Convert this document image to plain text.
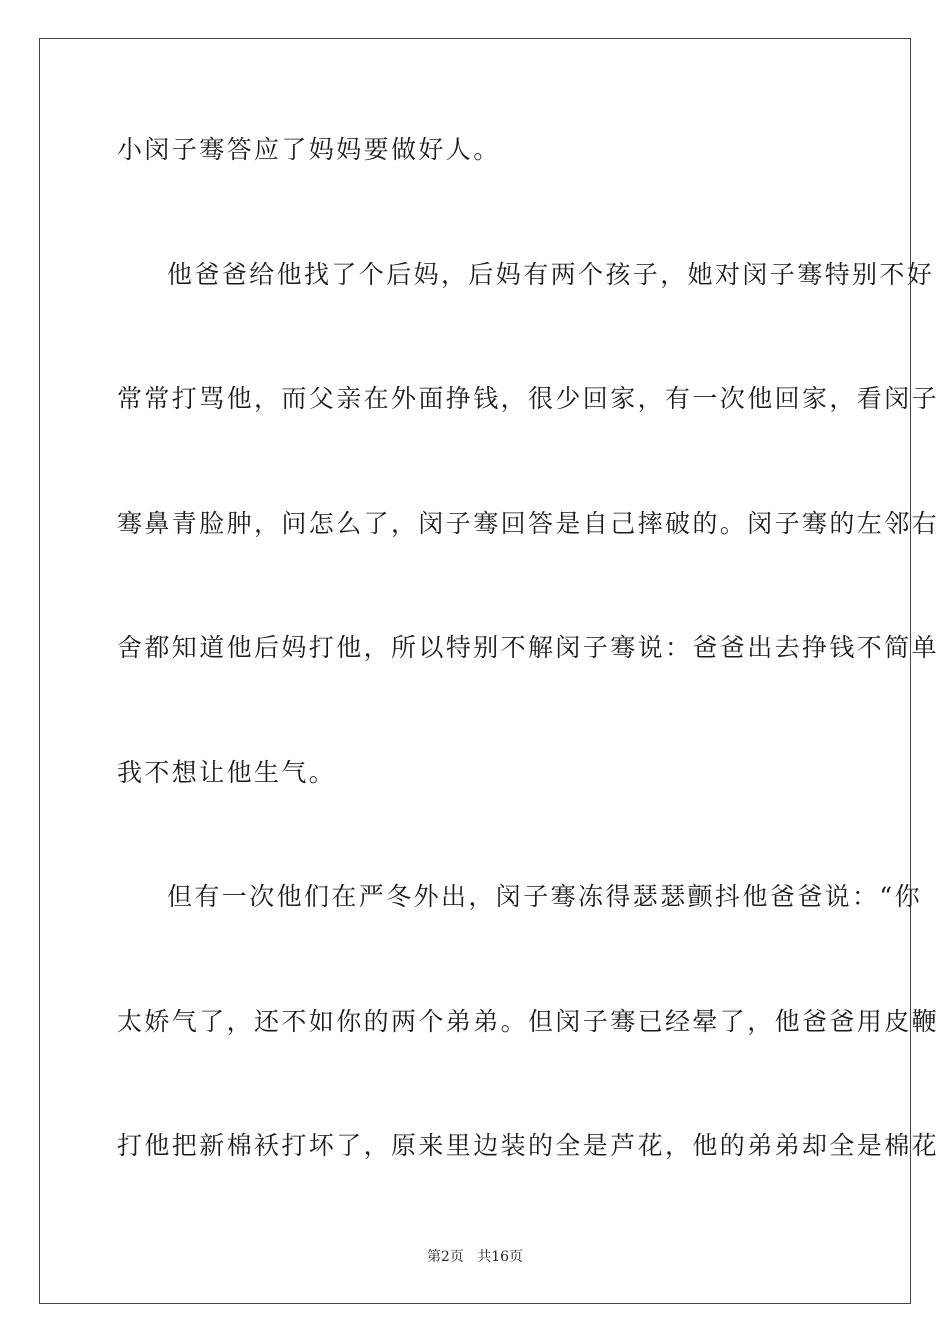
小闵子骞答应了妈妈要做好人。
他爸爸给他找了个后妈，后妈有两个孩子，她对闵子骞特别不好
常常打骂他，而父亲在外面挣钱，很少回家，有一次他回家，看闵子
骞鼻青脸肿，问怎么了，闵子骞回答是自己摔破的。闵子骞的左邻右
舍都知道他后妈打他，所以特别不解闵子骞说：爸爸出去挣钱不简单
我不想让他生气。
但有一次他们在严冬外出，闵子骞冻得瑟瑟颤抖他爸爸说：“你
太娇气了，还不如你的两个弟弟。但闵子骞已经晕了，他爸爸用皮鞭
打他把新棉袄打坏了，原来里边装的全是芦花，他的弟弟却全是棉花
第2页 共16页
